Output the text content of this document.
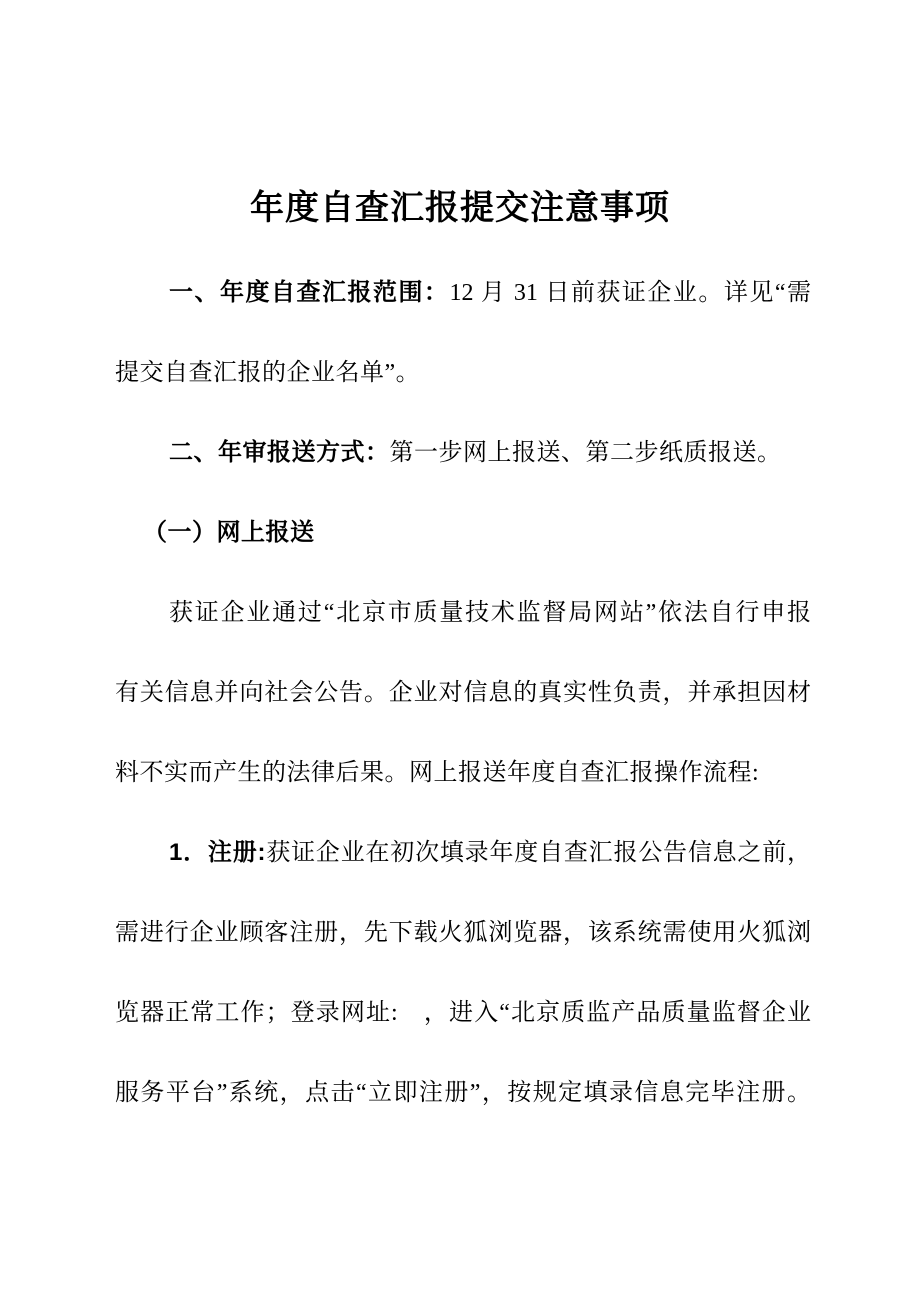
年度自查汇报提交注意事项
一、年度自查汇报范围：12 月 31 日前获证企业。详见“需
提交自查汇报的企业名单”。
二、年审报送方式：第一步网上报送、第二步纸质报送。
（一）网上报送
获证企业通过“北京市质量技术监督局网站”依法自行申报
有关信息并向社会公告。企业对信息的真实性负责，并承担因材
料不实而产生的法律后果。网上报送年度自查汇报操作流程:
1．注册:获证企业在初次填录年度自查汇报公告信息之前，
需进行企业顾客注册，先下载火狐浏览器，该系统需使用火狐浏
览器正常工作；登录网址:　，进入“北京质监产品质量监督企业
服务平台”系统，点击“立即注册”，按规定填录信息完毕注册。
